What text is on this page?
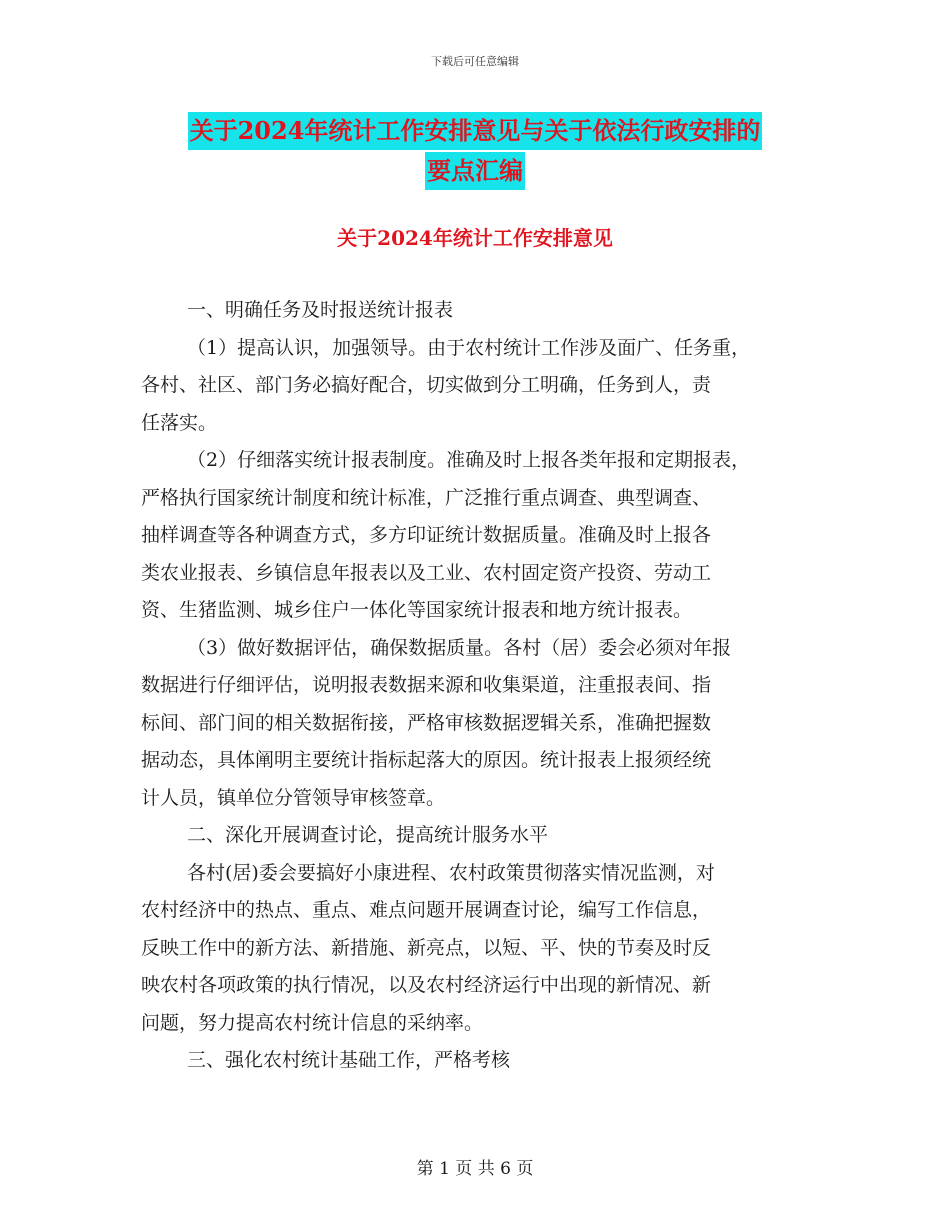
下载后可任意编辑
关于2024年统计工作安排意见与关于依法行政安排的
要点汇编
关于2024年统计工作安排意见

一、明确任务及时报送统计报表

（1）提高认识，加强领导。由于农村统计工作涉及面广、任务重，
各村、社区、部门务必搞好配合，切实做到分工明确，任务到人，责
任落实。

（2）仔细落实统计报表制度。准确及时上报各类年报和定期报表，
严格执行国家统计制度和统计标准，广泛推行重点调查、典型调查、
抽样调查等各种调查方式，多方印证统计数据质量。准确及时上报各
类农业报表、乡镇信息年报表以及工业、农村固定资产投资、劳动工
资、生猪监测、城乡住户一体化等国家统计报表和地方统计报表。

（3）做好数据评估，确保数据质量。各村（居）委会必须对年报
数据进行仔细评估，说明报表数据来源和收集渠道，注重报表间、指
标间、部门间的相关数据衔接，严格审核数据逻辑关系，准确把握数
据动态，具体阐明主要统计指标起落大的原因。统计报表上报须经统
计人员，镇单位分管领导审核签章。

二、深化开展调查讨论，提高统计服务水平

各村(居)委会要搞好小康进程、农村政策贯彻落实情况监测，对
农村经济中的热点、重点、难点问题开展调查讨论，编写工作信息，
反映工作中的新方法、新措施、新亮点，以短、平、快的节奏及时反
映农村各项政策的执行情况，以及农村经济运行中出现的新情况、新
问题，努力提高农村统计信息的采纳率。

三、强化农村统计基础工作，严格考核

第 1 页 共 6 页
